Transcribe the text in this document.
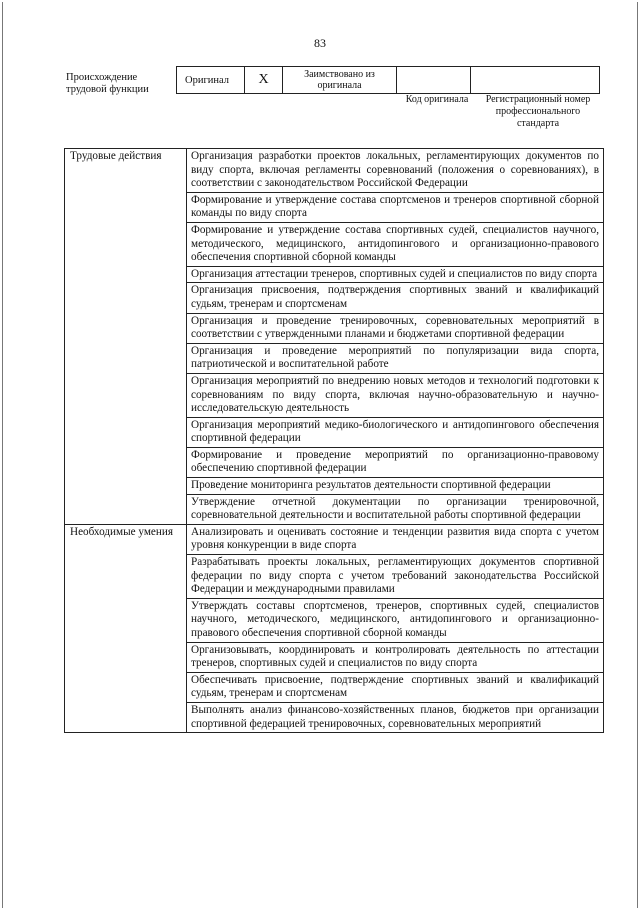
83
Происхождение трудовой функции
Оригинал	X	Заимствовано из оригинала
Код оригинала	Регистрационный номер профессионального стандарта
Трудовые действия	Организация разработки проектов локальных, регламентирующих документов по виду спорта, включая регламенты соревнований (положения о соревнованиях), в соответствии с законодательством Российской Федерации
	Формирование и утверждение состава спортсменов и тренеров спортивной сборной команды по виду спорта
	Формирование и утверждение состава спортивных судей, специалистов научного, методического, медицинского, антидопингового и организационно-правового обеспечения спортивной сборной команды
	Организация аттестации тренеров, спортивных судей и специалистов по виду спорта
	Организация присвоения, подтверждения спортивных званий и квалификаций судьям, тренерам и спортсменам
	Организация и проведение тренировочных, соревновательных мероприятий в соответствии с утвержденными планами и бюджетами спортивной федерации
	Организация и проведение мероприятий по популяризации вида спорта, патриотической и воспитательной работе
	Организация мероприятий по внедрению новых методов и технологий подготовки к соревнованиям по виду спорта, включая научно-образовательную и научно-исследовательскую деятельность
	Организация мероприятий медико-биологического и антидопингового обеспечения спортивной федерации
	Формирование и проведение мероприятий по организационно-правовому обеспечению спортивной федерации
	Проведение мониторинга результатов деятельности спортивной федерации
	Утверждение отчетной документации по организации тренировочной, соревновательной деятельности и воспитательной работы спортивной федерации
Необходимые умения	Анализировать и оценивать состояние и тенденции развития вида спорта с учетом уровня конкуренции в виде спорта
	Разрабатывать проекты локальных, регламентирующих документов спортивной федерации по виду спорта с учетом требований законодательства Российской Федерации и международными правилами
	Утверждать составы спортсменов, тренеров, спортивных судей, специалистов научного, методического, медицинского, антидопингового и организационно-правового обеспечения спортивной сборной команды
	Организовывать, координировать и контролировать деятельность по аттестации тренеров, спортивных судей и специалистов по виду спорта
	Обеспечивать присвоение, подтверждение спортивных званий и квалификаций судьям, тренерам и спортсменам
	Выполнять анализ финансово-хозяйственных планов, бюджетов при организации спортивной федерацией тренировочных, соревновательных мероприятий
